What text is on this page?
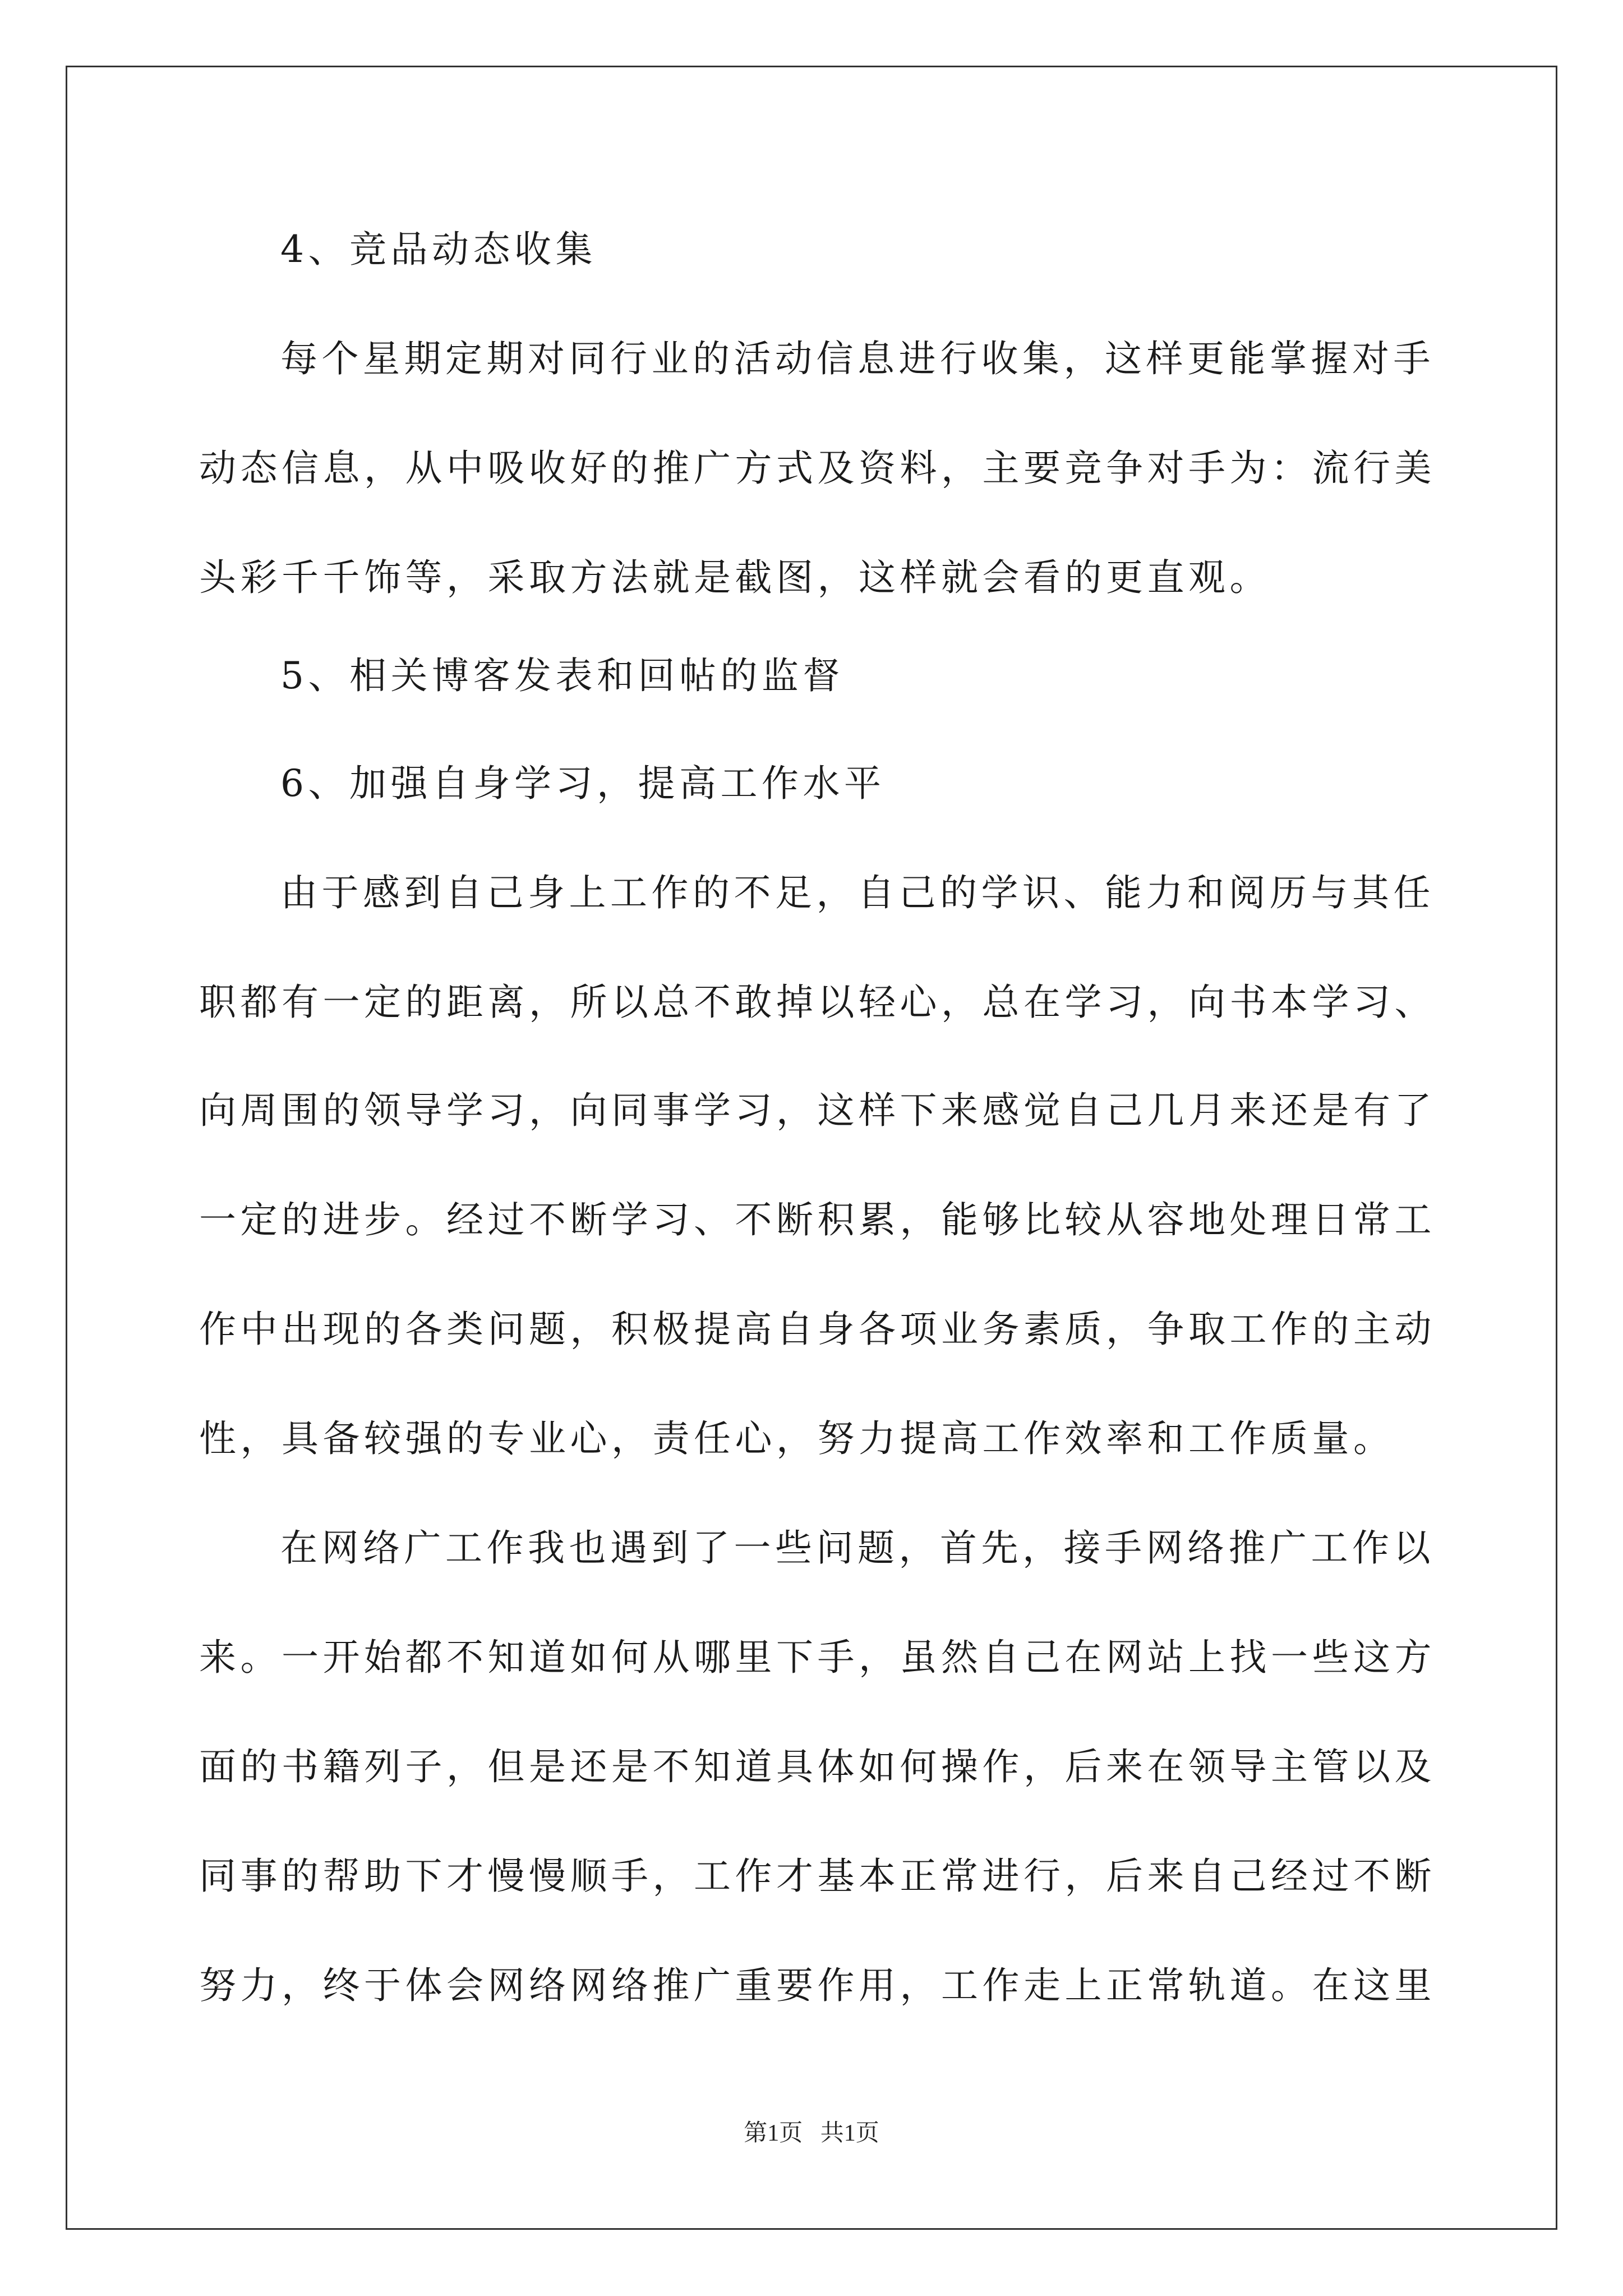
4、竞品动态收集
每个星期定期对同行业的活动信息进行收集，这样更能掌握对手
动态信息，从中吸收好的推广方式及资料，主要竞争对手为：流行美
头彩千千饰等，采取方法就是截图，这样就会看的更直观。
5、相关博客发表和回帖的监督
6、加强自身学习，提高工作水平
由于感到自己身上工作的不足，自己的学识、能力和阅历与其任
职都有一定的距离，所以总不敢掉以轻心，总在学习，向书本学习、
向周围的领导学习，向同事学习，这样下来感觉自己几月来还是有了
一定的进步。经过不断学习、不断积累，能够比较从容地处理日常工
作中出现的各类问题，积极提高自身各项业务素质，争取工作的主动
性，具备较强的专业心，责任心，努力提高工作效率和工作质量。
在网络广工作我也遇到了一些问题，首先，接手网络推广工作以
来。一开始都不知道如何从哪里下手，虽然自己在网站上找一些这方
面的书籍列子，但是还是不知道具体如何操作，后来在领导主管以及
同事的帮助下才慢慢顺手，工作才基本正常进行，后来自己经过不断
努力，终于体会网络网络推广重要作用，工作走上正常轨道。在这里
第1页   共1页
